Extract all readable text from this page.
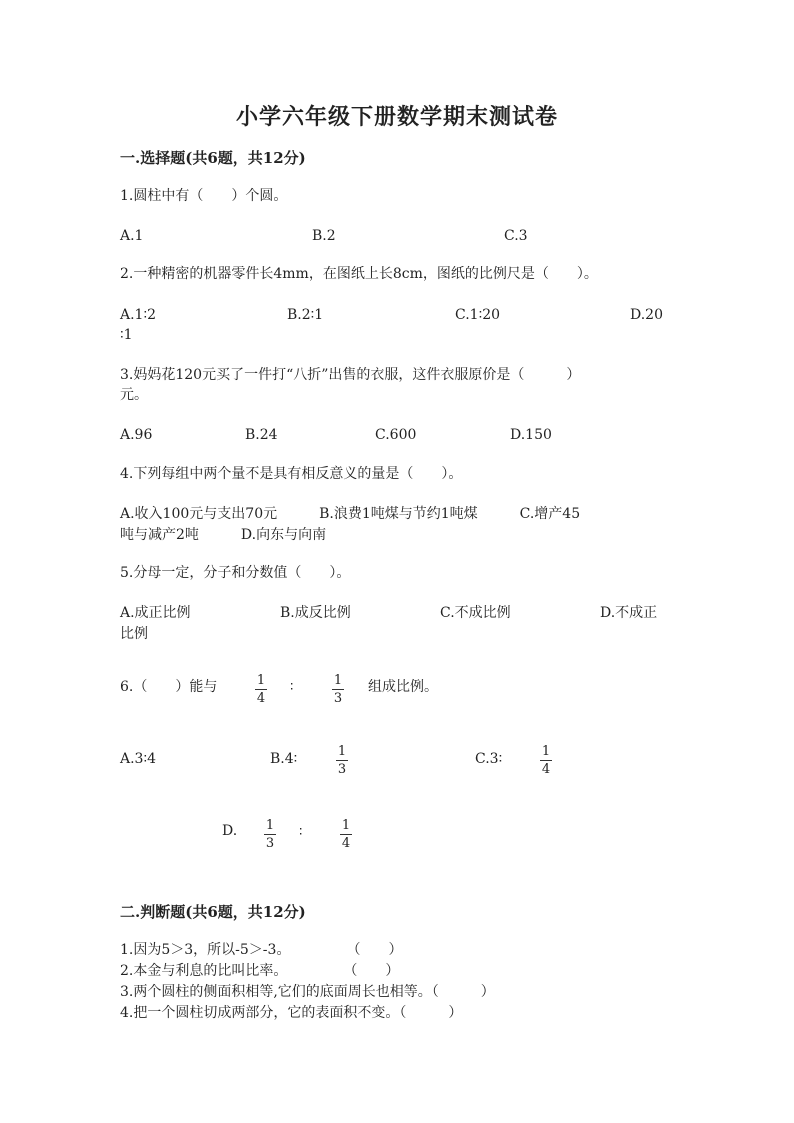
小学六年级下册数学期末测试卷
一.选择题(共6题，共12分)
1.圆柱中有（　　）个圆。
A.1	B.2	C.3
2.一种精密的机器零件长4mm，在图纸上长8cm，图纸的比例尺是（　　）。
A.1∶2	B.2∶1	C.1∶20	D.20
∶1
3.妈妈花120元买了一件打“八折”出售的衣服，这件衣服原价是（　　　）
元。
A.96	B.24	C.600	D.150
4.下列每组中两个量不是具有相反意义的量是（　　）。
A.收入100元与支出70元　　　B.浪费1吨煤与节约1吨煤　　　C.增产45
吨与减产2吨　　　D.向东与向南
5.分母一定，分子和分数值（　　）。
A.成正比例	B.成反比例	C.不成比例	D.不成正
比例
6.（　　）能与	1
4
∶	1
3
组成比例。
A.3∶4	B.4∶	1
3
C.3∶	1
4
D. 1
3
∶	1
4
二.判断题(共6题，共12分)
1.因为5＞3，所以-5＞-3。　　　　　（　　）
2.本金与利息的比叫比率。　　　　　（　　）
3.两个圆柱的侧面积相等,它们的底面周长也相等。（　　　）
4.把一个圆柱切成两部分，它的表面积不变。（　　　）
